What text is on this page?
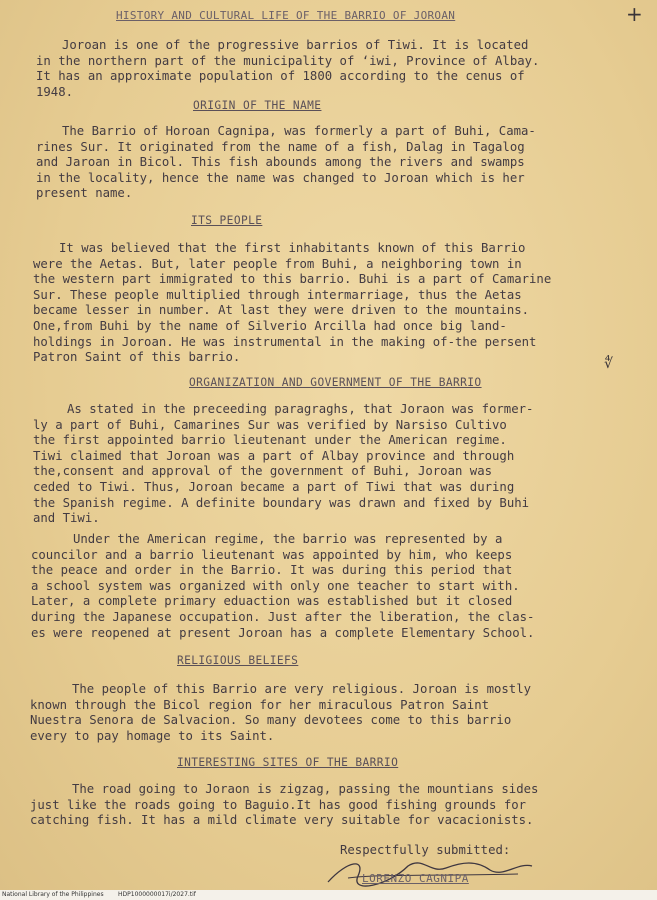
HISTORY AND CULTURAL LIFE OF THE BARRIO OF JOROAN	+
∜
Joroan is one of the progressive barrios of Tiwi. It is located
in the northern part of the municipality of ‘iwi, Province of Albay.
It has an approximate population of 1800 according to the cenus of
1948.
ORIGIN OF THE NAME
The Barrio of Horoan Cagnipa, was formerly a part of Buhi, Cama-
rines Sur. It originated from the name of a fish, Dalag in Tagalog
and Jaroan in Bicol. This fish abounds among the rivers and swamps
in the locality, hence the name was changed to Joroan which is her
present name.
ITS PEOPLE
It was believed that the first inhabitants known of this Barrio
were the Aetas. But, later people from Buhi, a neighboring town in
the western part immigrated to this barrio. Buhi is a part of Camarine
Sur. These people multiplied through intermarriage, thus the Aetas
became lesser in number. At last they were driven to the mountains.
One,from Buhi by the name of Silverio Arcilla had once big land-
holdings in Joroan. He was instrumental in the making of-the persent
Patron Saint of this barrio.
ORGANIZATION AND GOVERNMENT OF THE BARRIO
As stated in the preceeding paragraghs, that Joraon was former-
ly a part of Buhi, Camarines Sur was verified by Narsiso Cultivo
the first appointed barrio lieutenant under the American regime.
Tiwi claimed that Joroan was a part of Albay province and through
the,consent and approval of the government of Buhi, Joroan was
ceded to Tiwi. Thus, Joroan became a part of Tiwi that was during
the Spanish regime. A definite boundary was drawn and fixed by Buhi
and Tiwi.
Under the American regime, the barrio was represented by a
councilor and a barrio lieutenant was appointed by him, who keeps
the peace and order in the Barrio. It was during this period that
a school system was organized with only one teacher to start with.
Later, a complete primary eduaction was established but it closed
during the Japanese occupation. Just after the liberation, the clas-
es were reopened at present Joroan has a complete Elementary School.
RELIGIOUS BELIEFS
The people of this Barrio are very religious. Joroan is mostly
known through the Bicol region for her miraculous Patron Saint
Nuestra Senora de Salvacion. So many devotees come to this barrio
every to pay homage to its Saint.
INTERESTING SITES OF THE BARRIO
The road going to Joraon is zigzag, passing the mountians sides
just like the roads going to Baguio.It has good fishing grounds for
catching fish. It has a mild climate very suitable for vacacionists.
Respectfully submitted:
LORENZO CAGNIPA
National Library of the Philippines HDP1000000017i/2027.tif
